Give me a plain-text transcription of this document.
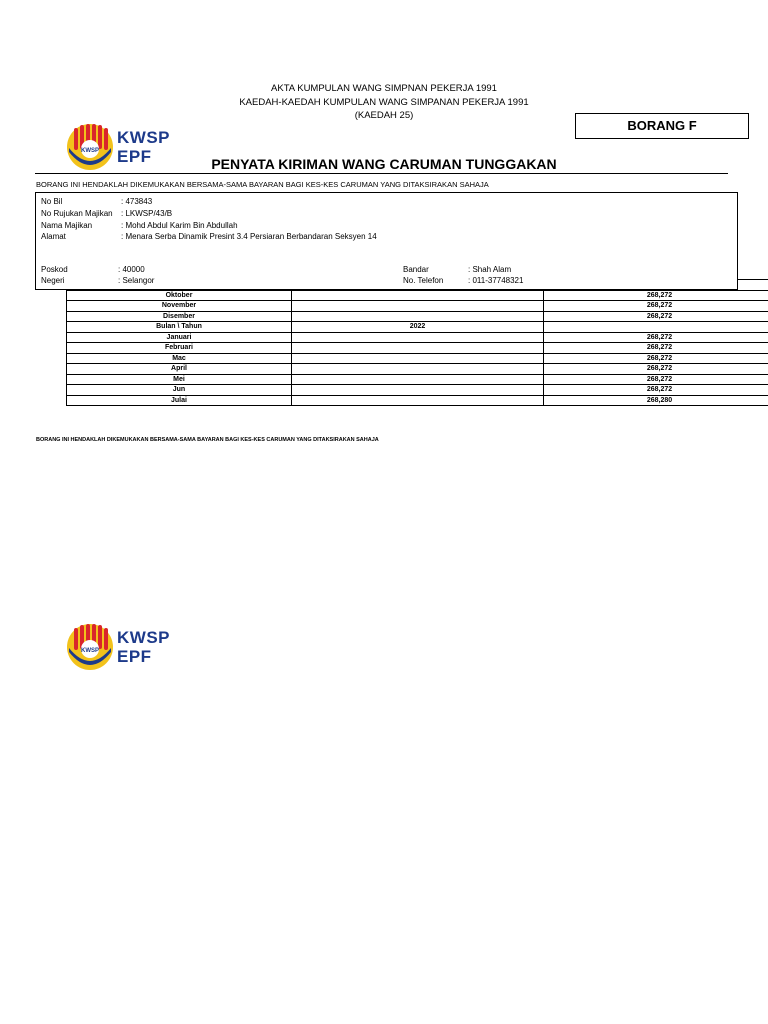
AKTA KUMPULAN WANG SIMPNAN PEKERJA 1991
KAEDAH-KAEDAH KUMPULAN WANG SIMPANAN PEKERJA 1991
(KAEDAH 25)
KWSP
KWSP
EPF
BORANG F
PENYATA KIRIMAN WANG CARUMAN TUNGGAKAN
BORANG INI HENDAKLAH DIKEMUKAKAN BERSAMA-SAMA BAYARAN BAGI KES-KES CARUMAN YANG DITAKSIRAKAN SAHAJA
No Bil	: 473843
No Rujukan Majikan : LKWSP/43/B
Nama Majikan	: Mohd Abdul Karim Bin Abdullah
Alamat	: Menara Serba Dinamik Presint 3.4 Persiaran Berbandaran Seksyen 14
Poskod	: 40000
Negeri	: Selangor
Bandar	: Shah Alam
No. Telefon	: 011-37748321

Oktober		268,272
November		268,272
Disember		268,272
Bulan \ Tahun	2022	
Januari		268,272
Februari		268,272
Mac		268,272
April		268,272
Mei		268,272
Jun		268,272
Julai		268,280
BORANG INI HENDAKLAH DIKEMUKAKAN BERSAMA-SAMA BAYARAN BAGI KES-KES CARUMAN YANG DITAKSIRAKAN SAHAJA
KWSP
KWSP
EPF
